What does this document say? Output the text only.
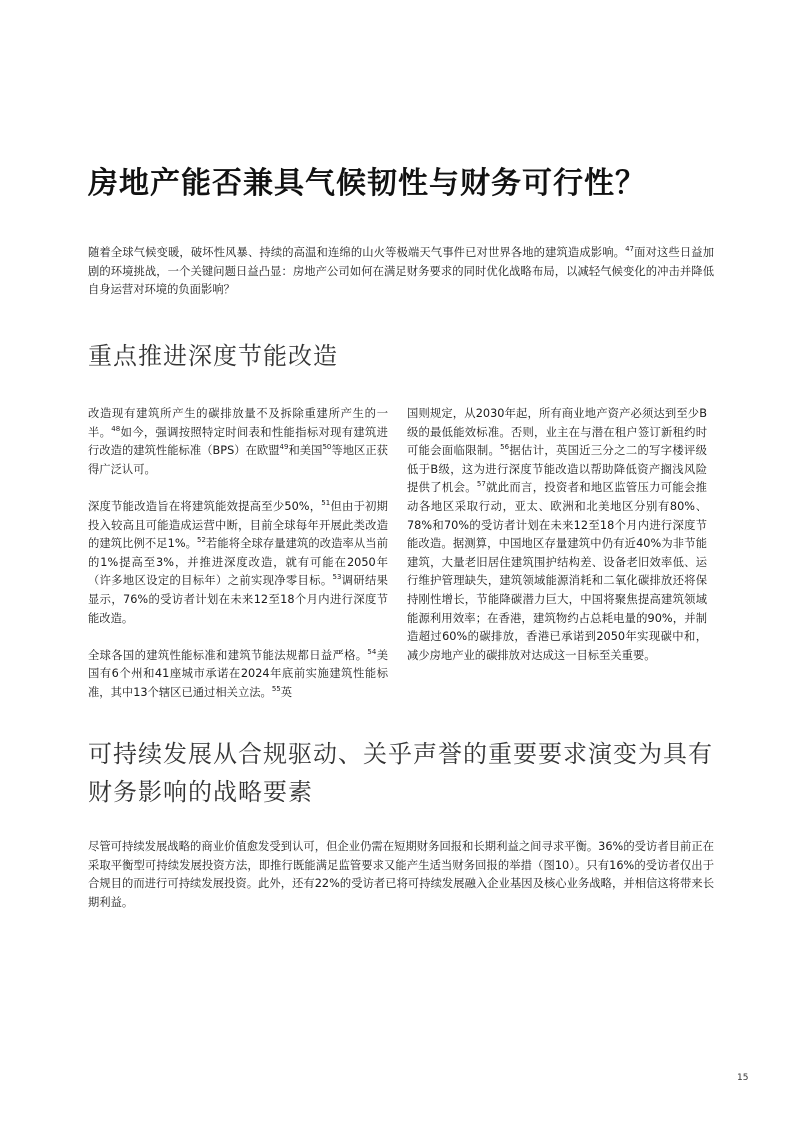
房地产能否兼具气候韧性与财务可行性？

随着全球气候变暖，破坏性风暴、持续的高温和连绵的山火等极端天气事件已对世界各地的建筑造成影响。$^{47}$面对这些日益加剧的环境挑战，一个关键问题日益凸显：房地产公司如何在满足财务要求的同时优化战略布局，以减轻气候变化的冲击并降低自身运营对环境的负面影响？

重点推进深度节能改造

改造现有建筑所产生的碳排放量不及拆除重建所产生的一半。$^{48}$如今，强调按照特定时间表和性能指标对现有建筑进行改造的建筑性能标准（BPS）在欧盟$^{49}$和美国$^{50}$等地区正获得广泛认可。

深度节能改造旨在将建筑能效提高至少50%，$^{51}$但由于初期投入较高且可能造成运营中断，目前全球每年开展此类改造的建筑比例不足1%。$^{52}$若能将全球存量建筑的改造率从当前的1%提高至3%，并推进深度改造，就有可能在2050年（许多地区设定的目标年）之前实现净零目标。$^{53}$调研结果显示，76%的受访者计划在未来12至18个月内进行深度节能改造。

全球各国的建筑性能标准和建筑节能法规都日益严格。$^{54}$美国有6个州和41座城市承诺在2024年底前实施建筑性能标准，其中13个辖区已通过相关立法。$^{55}$英

国则规定，从2030年起，所有商业地产资产必须达到至少B级的最低能效标准。否则，业主在与潜在租户签订新租约时可能会面临限制。$^{56}$据估计，英国近三分之二的写字楼评级低于B级，这为进行深度节能改造以帮助降低资产搁浅风险提供了机会。$^{57}$就此而言，投资者和地区监管压力可能会推动各地区采取行动，亚太、欧洲和北美地区分别有80%、78%和70%的受访者计划在未来12至18个月内进行深度节能改造。据测算，中国地区存量建筑中仍有近40%为非节能建筑，大量老旧居住建筑围护结构差、设备老旧效率低、运行维护管理缺失，建筑领域能源消耗和二氧化碳排放还将保持刚性增长，节能降碳潜力巨大，中国将聚焦提高建筑领域能源利用效率；在香港，建筑物约占总耗电量的90%，并制造超过60%的碳排放，香港已承诺到2050年实现碳中和，减少房地产业的碳排放对达成这一目标至关重要。

可持续发展从合规驱动、关乎声誉的重要要求演变为具有财务影响的战略要素

尽管可持续发展战略的商业价值愈发受到认可，但企业仍需在短期财务回报和长期利益之间寻求平衡。36%的受访者目前正在采取平衡型可持续发展投资方法，即推行既能满足监管要求又能产生适当财务回报的举措（图10）。只有16%的受访者仅出于合规目的而进行可持续发展投资。此外，还有22%的受访者已将可持续发展融入企业基因及核心业务战略，并相信这将带来长期利益。

15
